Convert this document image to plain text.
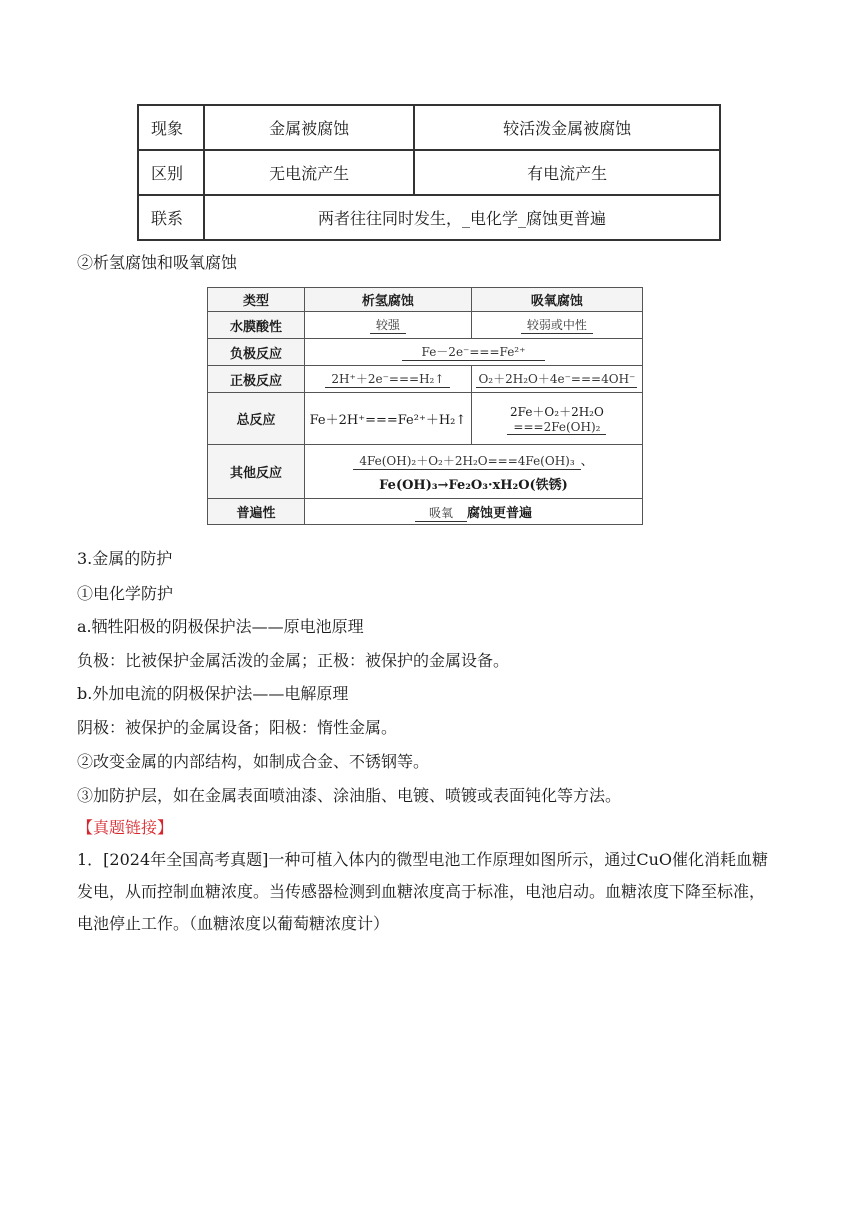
现象	金属被腐蚀	较活泼金属被腐蚀
区别	无电流产生	有电流产生
联系	两者往往同时发生，_电化学_腐蚀更普遍	
②析氢腐蚀和吸氧腐蚀
类型	析氢腐蚀	吸氧腐蚀
水膜酸性	较强	较弱或中性
负极反应	Fe－2e⁻===Fe²⁺	
正极反应	2H⁺＋2e⁻===H₂↑	O₂＋2H₂O＋4e⁻===4OH⁻
总反应	Fe＋2H⁺===Fe²⁺＋H₂↑	2Fe＋O₂＋2H₂O
===2Fe(OH)₂
其他反应	4Fe(OH)₂＋O₂＋2H₂O===4Fe(OH)₃ 、
Fe(OH)₃→Fe₂O₃·xH₂O(铁锈)	

普遍性	吸氧 腐蚀更普遍	
3.金属的防护
①电化学防护
a.牺牲阳极的阴极保护法——原电池原理
负极：比被保护金属活泼的金属；正极：被保护的金属设备。
b.外加电流的阴极保护法——电解原理
阴极：被保护的金属设备；阳极：惰性金属。
②改变金属的内部结构，如制成合金、不锈钢等。
③加防护层，如在金属表面喷油漆、涂油脂、电镀、喷镀或表面钝化等方法。
【真题链接】
1．[2024年全国高考真题]一种可植入体内的微型电池工作原理如图所示，通过CuO催化消耗血糖发电，从而控制血糖浓度。当传感器检测到血糖浓度高于标准，电池启动。血糖浓度下降至标准，电池停止工作。（血糖浓度以葡萄糖浓度计）
